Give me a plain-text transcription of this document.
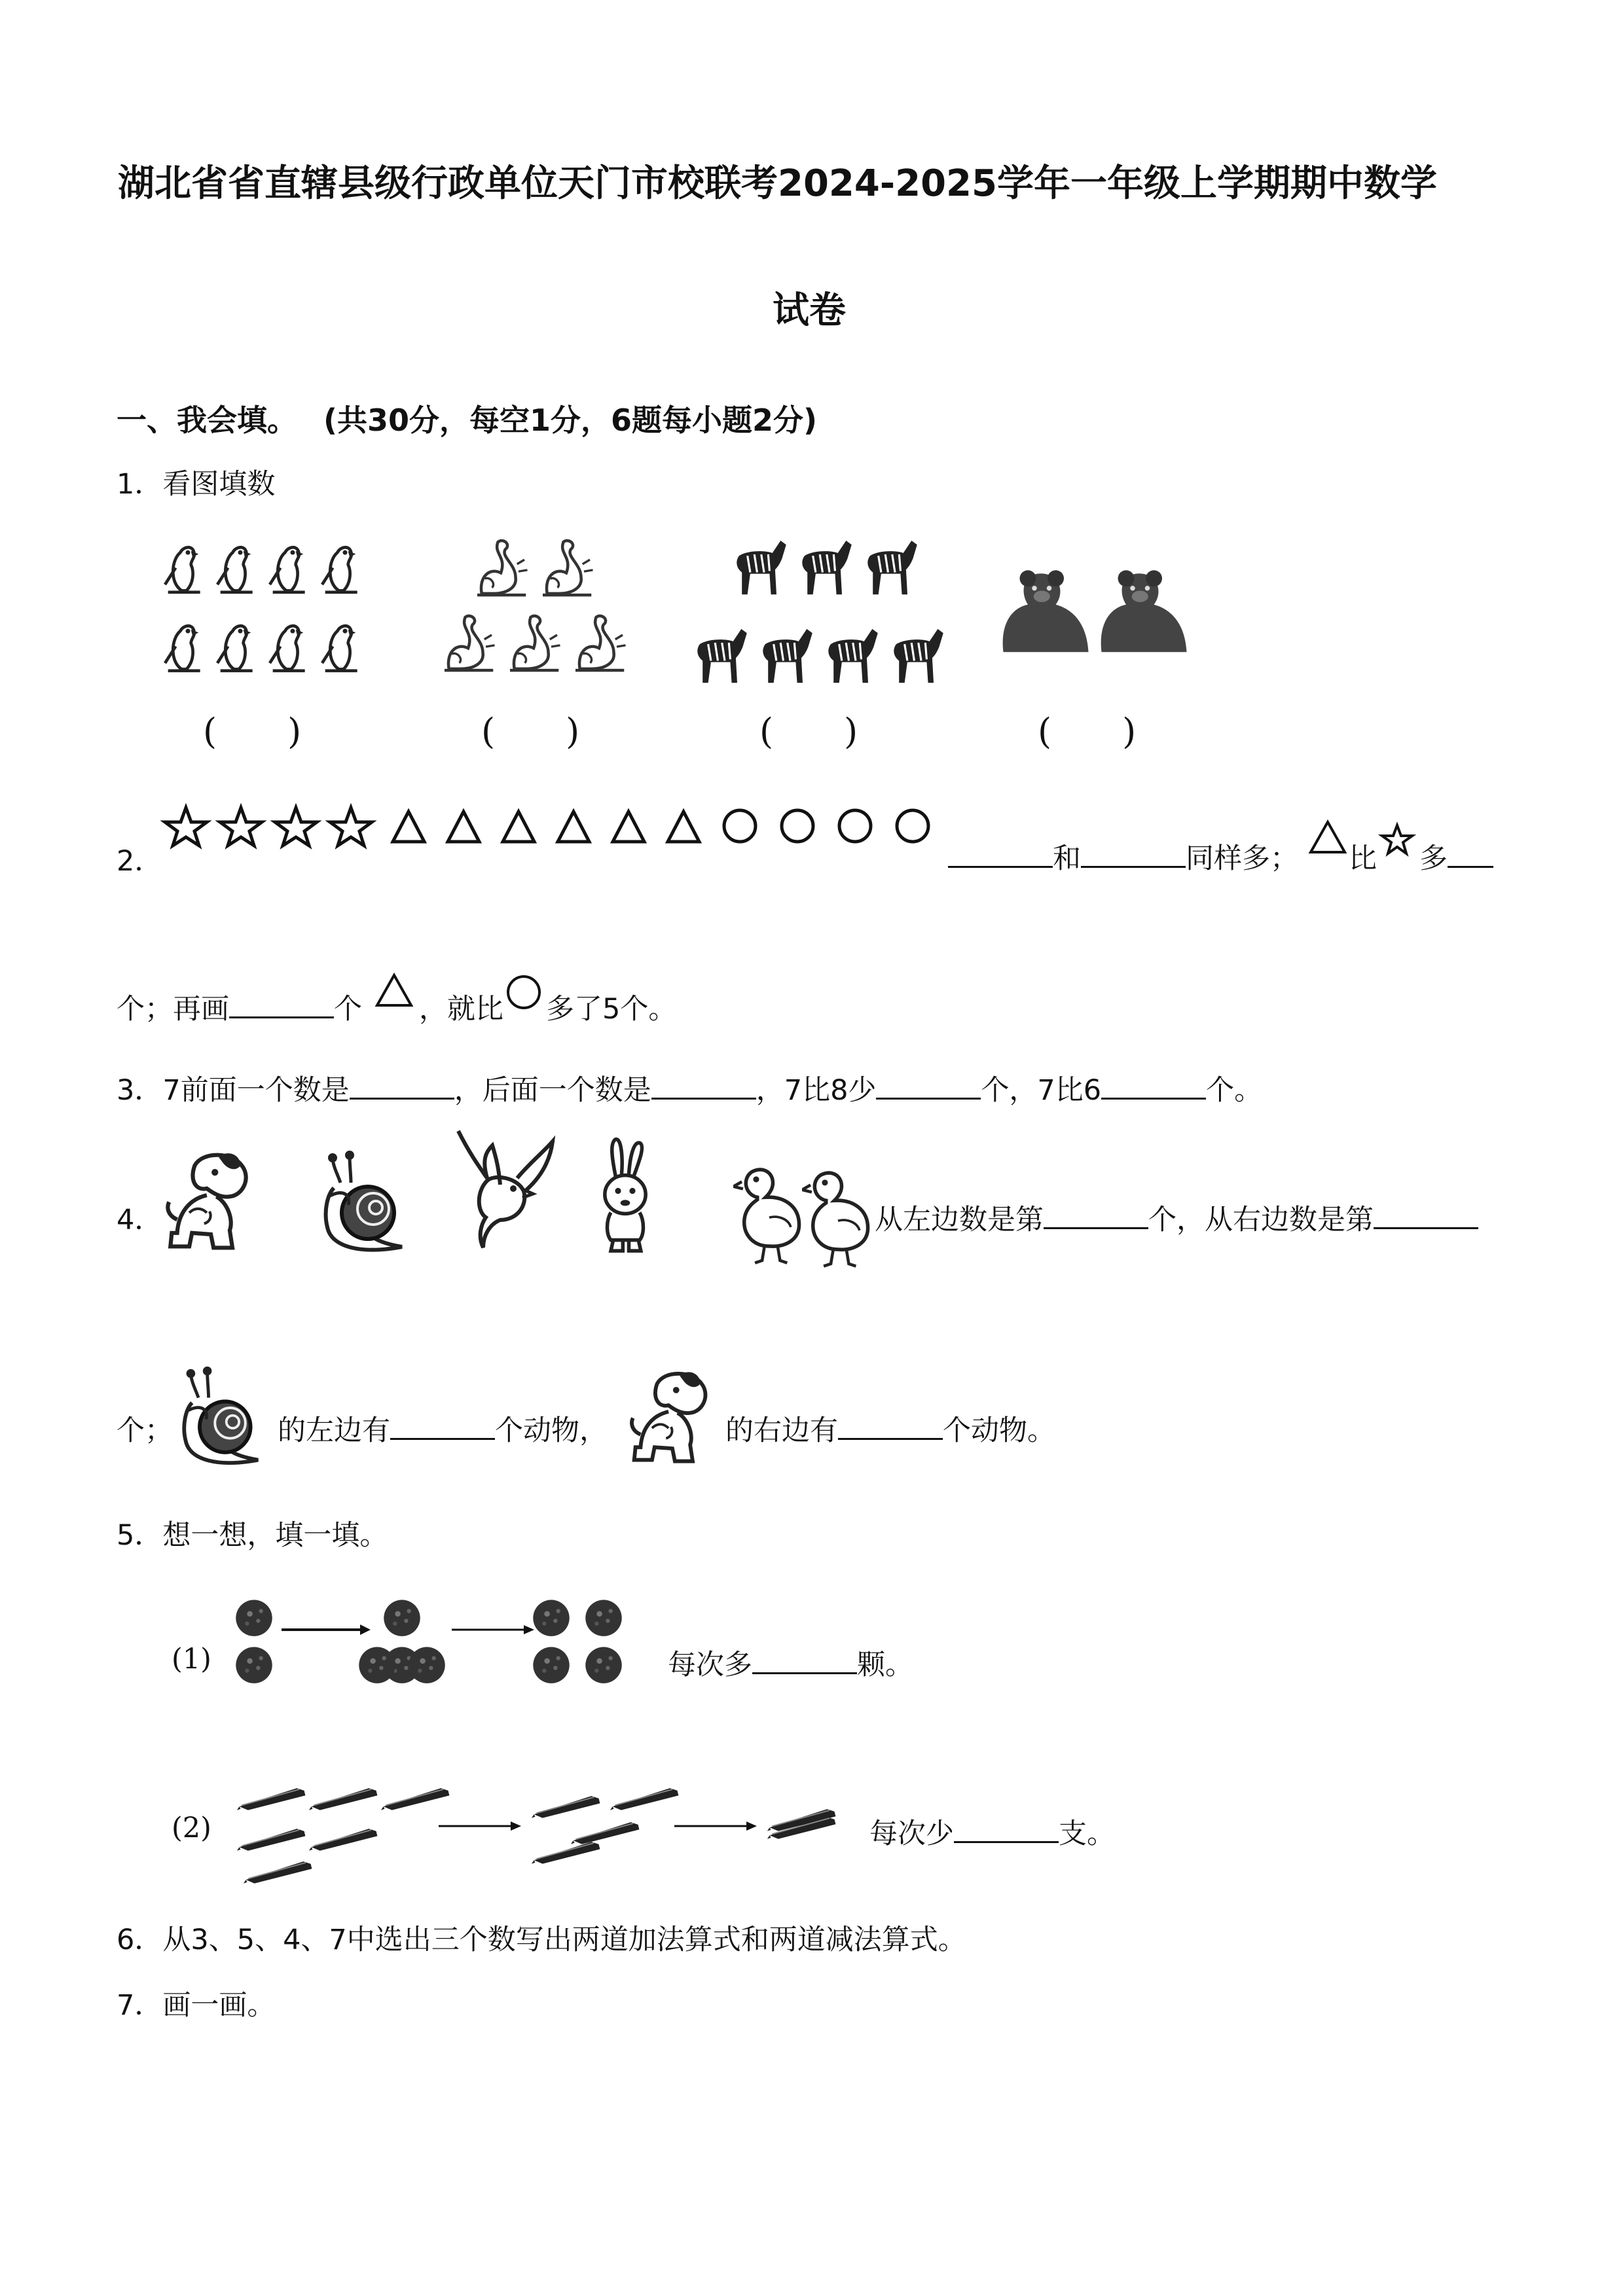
湖北省省直辖县级行政单位天门市校联考2024-2025学年一年级上学期期中数学
试卷
一、我会填。 (共30分，每空1分，6题每小题2分)
1．看图填数
(　　)	(　　)	(　　)	(　　)
2．	和	同样多； 比 多
个；再画	个 ，就比 多了5个。
3．7前面一个数是	，后面一个数是	，7比8少	个，7比6	个。
4．	从左边数是第	个，从右边数是第
个；	的左边有	个动物，	的右边有	个动物。
5．想一想，填一填。
(1)	每次多	颗。
(2)	每次少	支。
6．从3、5、4、7中选出三个数写出两道加法算式和两道减法算式。
7．画一画。
